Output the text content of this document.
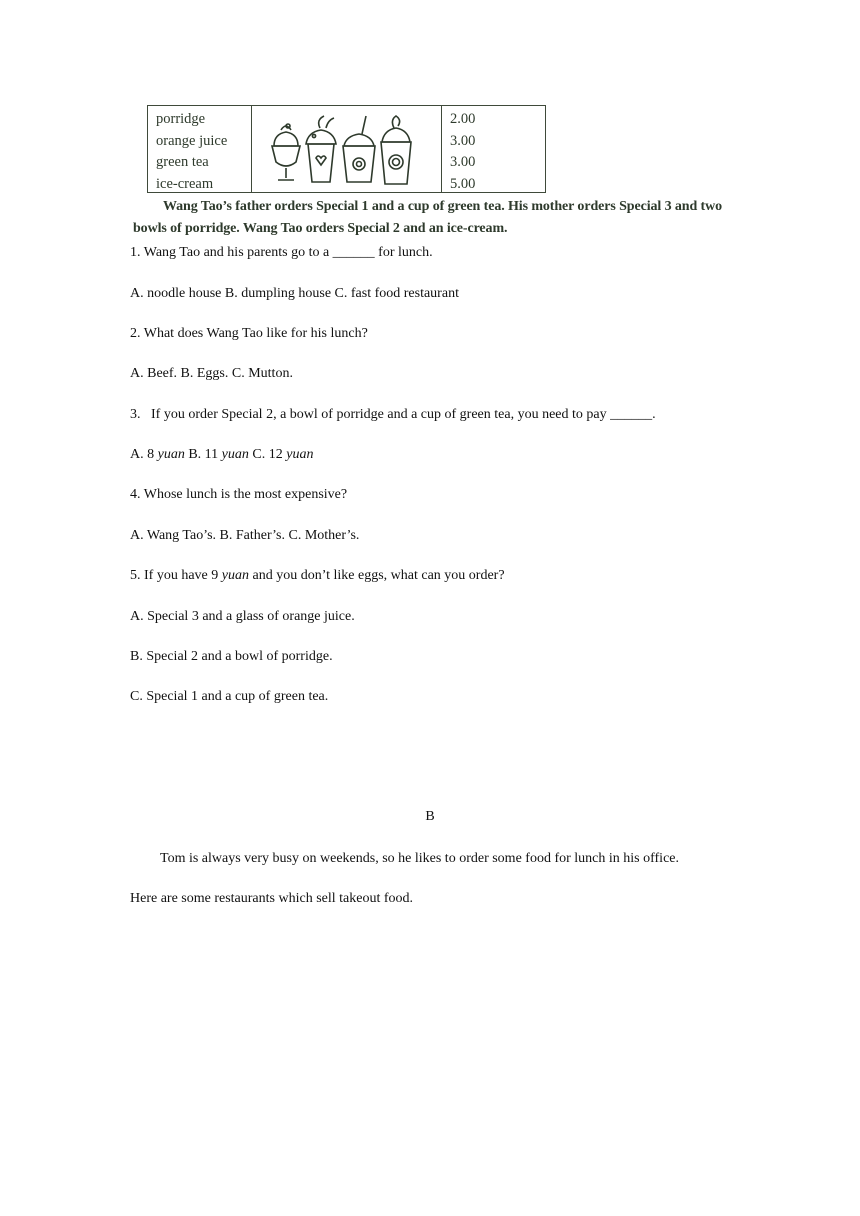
porridge
orange juice
green tea
ice-cream
2.00
3.00
3.00
5.00
Wang Tao’s father orders Special 1 and a cup of green tea. His mother orders Special 3 and two bowls of porridge. Wang Tao orders Special 2 and an ice-cream.
1. Wang Tao and his parents go to a ______ for lunch.
A. noodle house B. dumpling house C. fast food restaurant
2. What does Wang Tao like for his lunch?
A. Beef. B. Eggs. C. Mutton.
3.   If you order Special 2, a bowl of porridge and a cup of green tea, you need to pay ______.
A. 8 yuan B. 11 yuan C. 12 yuan
4. Whose lunch is the most expensive?
A. Wang Tao’s. B. Father’s. C. Mother’s.
5. If you have 9 yuan and you don’t like eggs, what can you order?
A. Special 3 and a glass of orange juice.
B. Special 2 and a bowl of porridge.
C. Special 1 and a cup of green tea.
B
Tom is always very busy on weekends, so he likes to order some food for lunch in his office.
Here are some restaurants which sell takeout food.
